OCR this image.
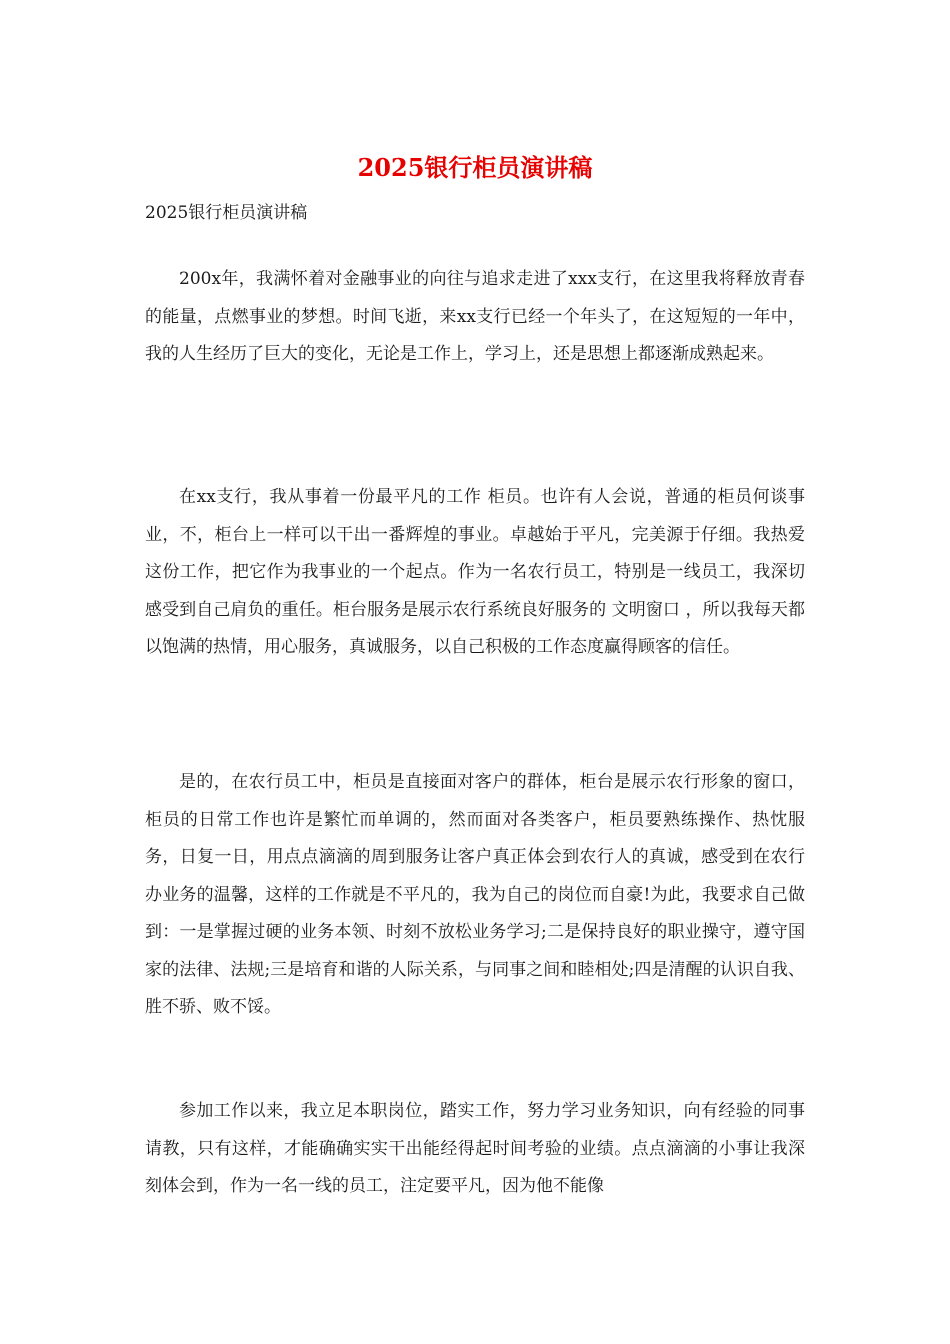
2025银行柜员演讲稿

2025银行柜员演讲稿

200x年，我满怀着对金融事业的向往与追求走进了xxx支行，在这里我将释放青春的能量，点燃事业的梦想。时间飞逝，来xx支行已经一个年头了，在这短短的一年中，我的人生经历了巨大的变化，无论是工作上，学习上，还是思想上都逐渐成熟起来。

在xx支行，我从事着一份最平凡的工作 柜员。也许有人会说，普通的柜员何谈事业，不，柜台上一样可以干出一番辉煌的事业。卓越始于平凡，完美源于仔细。我热爱这份工作，把它作为我事业的一个起点。作为一名农行员工，特别是一线员工，我深切感受到自己肩负的重任。柜台服务是展示农行系统良好服务的 文明窗口 ，所以我每天都以饱满的热情，用心服务，真诚服务，以自己积极的工作态度赢得顾客的信任。

是的，在农行员工中，柜员是直接面对客户的群体，柜台是展示农行形象的窗口，柜员的日常工作也许是繁忙而单调的，然而面对各类客户，柜员要熟练操作、热忱服务，日复一日，用点点滴滴的周到服务让客户真正体会到农行人的真诚，感受到在农行办业务的温馨，这样的工作就是不平凡的，我为自己的岗位而自豪!为此，我要求自己做到：一是掌握过硬的业务本领、时刻不放松业务学习;二是保持良好的职业操守，遵守国家的法律、法规;三是培育和谐的人际关系，与同事之间和睦相处;四是清醒的认识自我、胜不骄、败不馁。

参加工作以来，我立足本职岗位，踏实工作，努力学习业务知识，向有经验的同事请教，只有这样，才能确确实实干出能经得起时间考验的业绩。点点滴滴的小事让我深刻体会到，作为一名一线的员工，注定要平凡，因为他不能像
